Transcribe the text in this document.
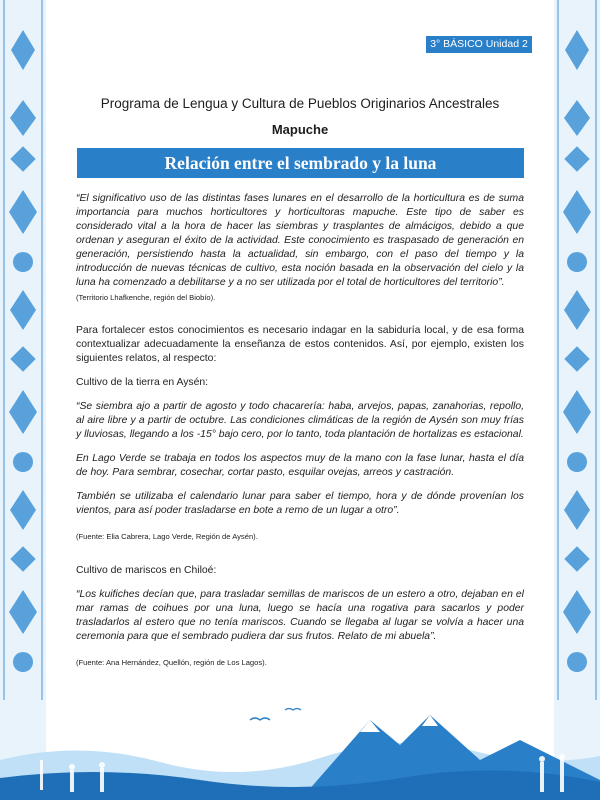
3° BÁSICO Unidad 2
Programa de Lengua y Cultura de Pueblos Originarios Ancestrales
Mapuche
Relación entre el sembrado y la luna

“El significativo uso de las distintas fases lunares en el desarrollo de la horticultura es de suma importancia para muchos horticultores y horticultoras mapuche. Este tipo de saber es considerado vital a la hora de hacer las siembras y trasplantes de almácigos, debido a que ordenan y aseguran el éxito de la actividad. Este conocimiento es traspasado de generación en generación, persistiendo hasta la actualidad, sin embargo, con el paso del tiempo y la introducción de nuevas técnicas de cultivo, esta noción basada en la observación del cielo y la luna ha comenzado a debilitarse y a no ser utilizada por el total de horticultores del territorio”.

(Territorio Lhafkenche, región del Biobío).

Para fortalecer estos conocimientos es necesario indagar en la sabiduría local, y de esa forma contextualizar adecuadamente la enseñanza de estos contenidos. Así, por ejemplo, existen los siguientes relatos, al respecto:

Cultivo de la tierra en Aysén:

“Se siembra ajo a partir de agosto y todo chacarería: haba, arvejos, papas, zanahorias, repollo, al aire libre y a partir de octubre. Las condiciones climáticas de la región de Aysén son muy frías y lluviosas, llegando a los -15° bajo cero, por lo tanto, toda plantación de hortalizas es estacional.

En Lago Verde se trabaja en todos los aspectos muy de la mano con la fase lunar, hasta el día de hoy. Para sembrar, cosechar, cortar pasto, esquilar ovejas, arreos y castración.

También se utilizaba el calendario lunar para saber el tiempo, hora y de dónde provenían los vientos, para así poder trasladarse en bote a remo de un lugar a otro”.

(Fuente: Elia Cabrera, Lago Verde, Región de Aysén).

Cultivo de mariscos en Chiloé:

“Los kuifiches decían que, para trasladar semillas de mariscos de un estero a otro, dejaban en el mar ramas de coihues por una luna, luego se hacía una rogativa para sacarlos y poder trasladarlos al estero que no tenía mariscos. Cuando se llegaba al lugar se volvía a hacer una ceremonia para que el sembrado pudiera dar sus frutos. Relato de mi abuela”.

(Fuente: Ana Hernández, Quellón, región de Los Lagos).
